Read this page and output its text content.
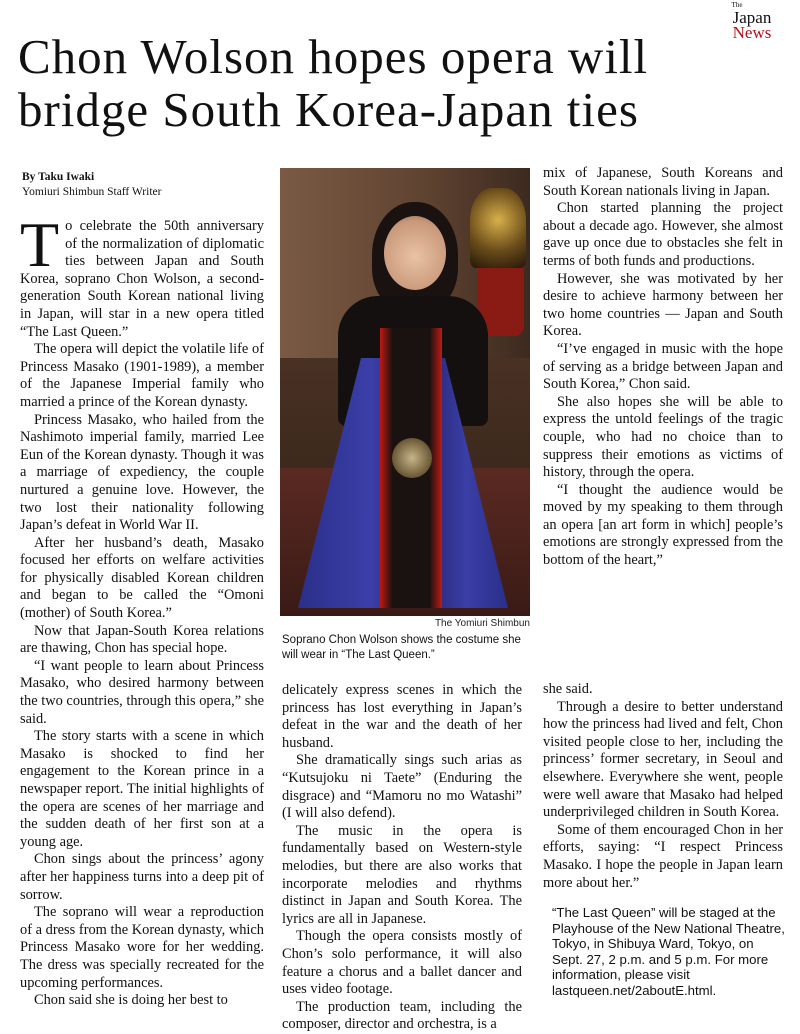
The
Japan
News
Chon Wolson hopes opera will bridge South Korea-Japan ties
By Taku Iwaki
Yomiuri Shimbun Staff Writer

To celebrate the 50th anniversary of the normalization of diplomatic ties between Japan and South Korea, soprano Chon Wolson, a second-generation South Korean national living in Japan, will star in a new opera titled “The Last Queen.”

The opera will depict the volatile life of Princess Masako (1901-1989), a member of the Japanese Imperial family who married a prince of the Korean dynasty.

Princess Masako, who hailed from the Nashimoto imperial family, married Lee Eun of the Korean dynasty. Though it was a marriage of expediency, the couple nurtured a genuine love. However, the two lost their nationality following Japan’s defeat in World War II.

After her husband’s death, Masako focused her efforts on welfare activities for physically disabled Korean children and began to be called the “Omoni (mother) of South Korea.”

Now that Japan-South Korea relations are thawing, Chon has special hope.

“I want people to learn about Princess Masako, who desired harmony between the two countries, through this opera,” she said.

The story starts with a scene in which Masako is shocked to find her engagement to the Korean prince in a newspaper report. The initial highlights of the opera are scenes of her marriage and the sudden death of her first son at a young age.

Chon sings about the princess’ agony after her happiness turns into a deep pit of sorrow.

The soprano will wear a reproduction of a dress from the Korean dynasty, which Princess Masako wore for her wedding. The dress was specially recreated for the upcoming performances.

Chon said she is doing her best to

The Yomiuri Shimbun
Soprano Chon Wolson shows the costume she will wear in “The Last Queen.”

delicately express scenes in which the princess has lost everything in Japan’s defeat in the war and the death of her husband.

She dramatically sings such arias as “Kutsujoku ni Taete” (Enduring the disgrace) and “Mamoru no mo Watashi” (I will also defend).

The music in the opera is fundamentally based on Western-style melodies, but there are also works that incorporate melodies and rhythms distinct in Japan and South Korea. The lyrics are all in Japanese.

Though the opera consists mostly of Chon’s solo performance, it will also feature a chorus and a ballet dancer and uses video footage.

The production team, including the composer, director and orchestra, is a

mix of Japanese, South Koreans and South Korean nationals living in Japan.

Chon started planning the project about a decade ago. However, she almost gave up once due to obstacles she felt in terms of both funds and productions.

However, she was motivated by her desire to achieve harmony between her two home countries — Japan and South Korea.

“I’ve engaged in music with the hope of serving as a bridge between Japan and South Korea,” Chon said.

She also hopes she will be able to express the untold feelings of the tragic couple, who had no choice than to suppress their emotions as victims of history, through the opera.

“I thought the audience would be moved by my speaking to them through an opera [an art form in which] people’s emotions are strongly expressed from the bottom of the heart,”

she said.

Through a desire to better understand how the princess had lived and felt, Chon visited people close to her, including the princess’ former secretary, in Seoul and elsewhere. Everywhere she went, people were well aware that Masako had helped underprivileged children in South Korea.

Some of them encouraged Chon in her efforts, saying: “I respect Princess Masako. I hope the people in Japan learn more about her.”

“The Last Queen” will be staged at the Playhouse of the New National Theatre, Tokyo, in Shibuya Ward, Tokyo, on Sept. 27, 2 p.m. and 5 p.m. For more information, please visit lastqueen.net/2aboutE.html.
